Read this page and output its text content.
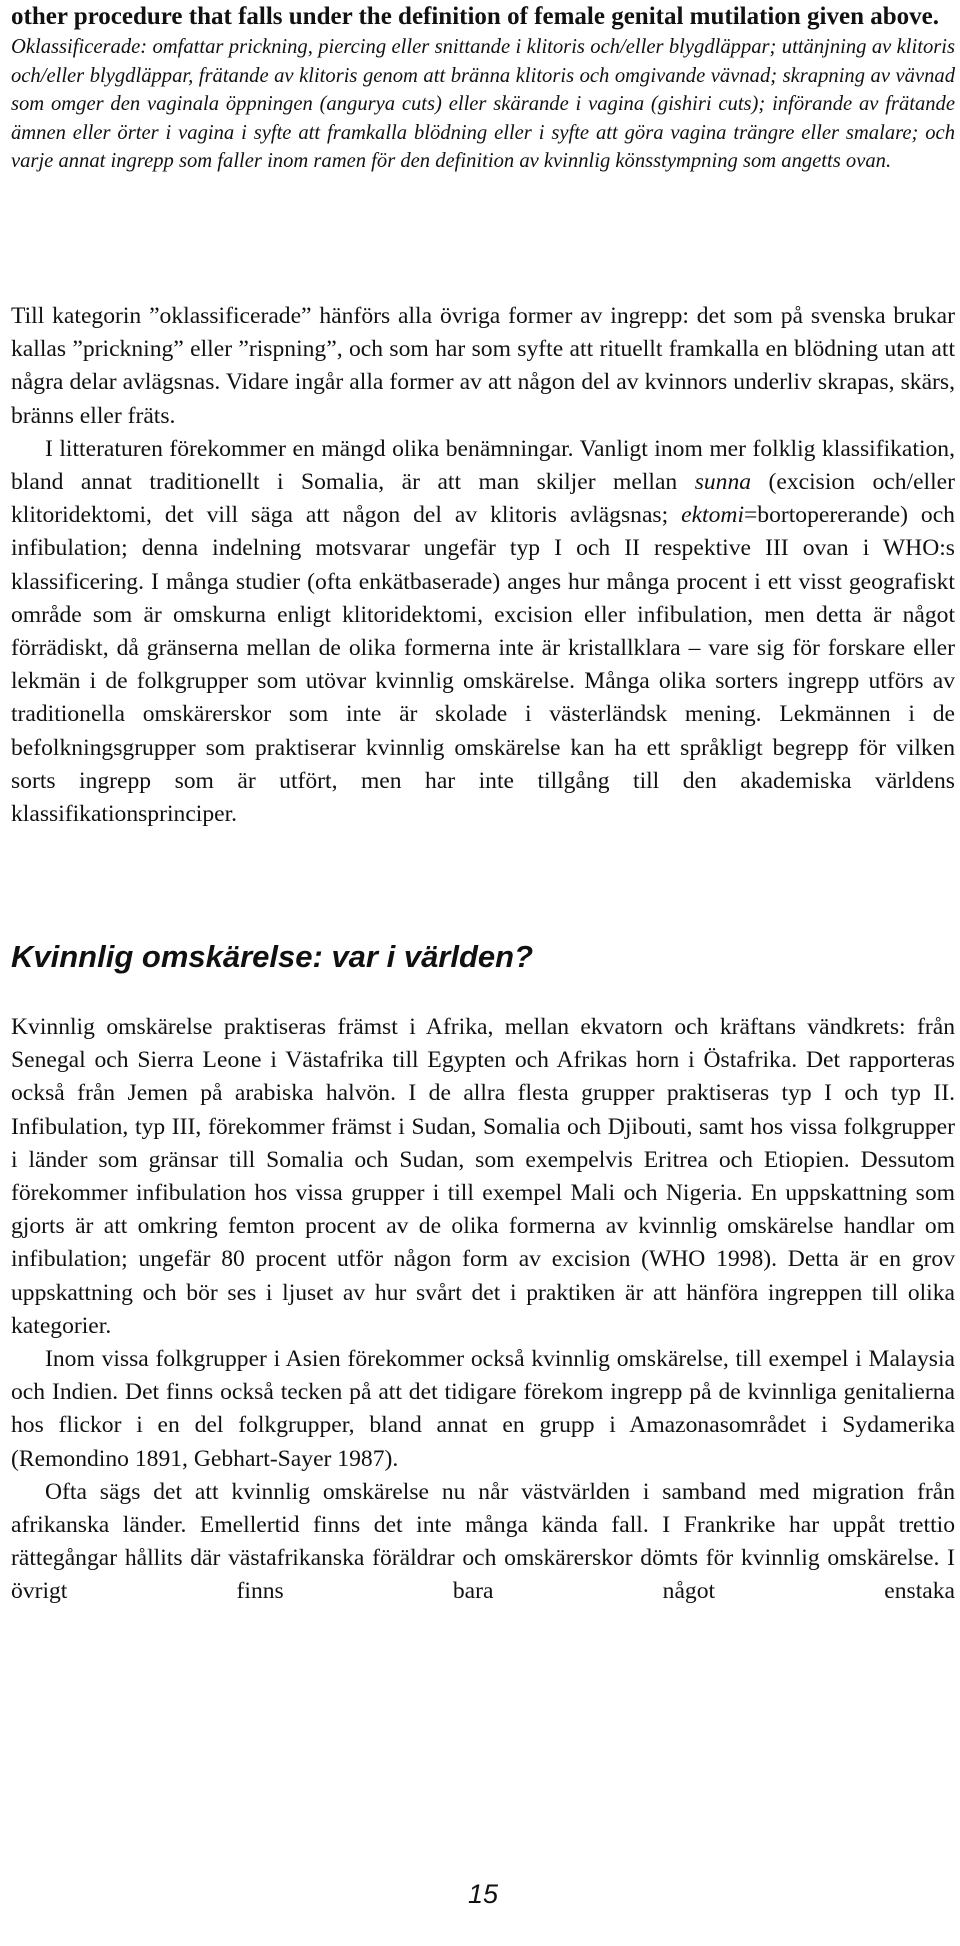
other procedure that falls under the definition of female genital mutilation given above.

Oklassificerade: omfattar prickning, piercing eller snittande i klitoris och/eller blygdläppar; uttänjning av klitoris och/eller blygdläppar, frätande av klitoris genom att bränna klitoris och omgivande vävnad; skrapning av vävnad som omger den vaginala öppningen (angurya cuts) eller skärande i vagina (gishiri cuts); införande av frätande ämnen eller örter i vagina i syfte att framkalla blödning eller i syfte att göra vagina trängre eller smalare; och varje annat ingrepp som faller inom ramen för den definition av kvinnlig könsstympning som angetts ovan.

Till kategorin ”oklassificerade” hänförs alla övriga former av ingrepp: det som på svenska brukar kallas ”prickning” eller ”rispning”, och som har som syfte att rituellt framkalla en blödning utan att några delar avlägsnas. Vidare ingår alla former av att någon del av kvinnors underliv skrapas, skärs, bränns eller fräts.

I litteraturen förekommer en mängd olika benämningar. Vanligt inom mer folklig klassifikation, bland annat traditionellt i Somalia, är att man skiljer mellan sunna (excision och/eller klitoridektomi, det vill säga att någon del av klitoris avlägsnas; ektomi=bortopererande) och infibulation; denna indelning motsvarar ungefär typ I och II respektive III ovan i WHO:s klassificering. I många studier (ofta enkätbaserade) anges hur många procent i ett visst geografiskt område som är omskurna enligt klitoridektomi, excision eller infibulation, men detta är något förrädiskt, då gränserna mellan de olika formerna inte är kristallklara – vare sig för forskare eller lekmän i de folkgrupper som utövar kvinnlig omskärelse. Många olika sorters ingrepp utförs av traditionella omskärerskor som inte är skolade i västerländsk mening. Lekmännen i de befolkningsgrupper som praktiserar kvinnlig omskärelse kan ha ett språkligt begrepp för vilken sorts ingrepp som är utfört, men har inte tillgång till den akademiska världens klassifikationsprinciper.

Kvinnlig omskärelse: var i världen?

Kvinnlig omskärelse praktiseras främst i Afrika, mellan ekvatorn och kräftans vändkrets: från Senegal och Sierra Leone i Västafrika till Egypten och Afrikas horn i Östafrika. Det rapporteras också från Jemen på arabiska halvön. I de allra flesta grupper praktiseras typ I och typ II. Infibulation, typ III, förekommer främst i Sudan, Somalia och Djibouti, samt hos vissa folkgrupper i länder som gränsar till Somalia och Sudan, som exempelvis Eritrea och Etiopien. Dessutom förekommer infibulation hos vissa grupper i till exempel Mali och Nigeria. En uppskattning som gjorts är att omkring femton procent av de olika formerna av kvinnlig omskärelse handlar om infibulation; ungefär 80 procent utför någon form av excision (WHO 1998). Detta är en grov uppskattning och bör ses i ljuset av hur svårt det i praktiken är att hänföra ingreppen till olika kategorier.

Inom vissa folkgrupper i Asien förekommer också kvinnlig omskärelse, till exempel i Malaysia och Indien. Det finns också tecken på att det tidigare förekom ingrepp på de kvinnliga genitalierna hos flickor i en del folkgrupper, bland annat en grupp i Amazonasområdet i Sydamerika (Remondino 1891, Gebhart-Sayer 1987).

Ofta sägs det att kvinnlig omskärelse nu når västvärlden i samband med migration från afrikanska länder. Emellertid finns det inte många kända fall. I Frankrike har uppåt trettio rättegångar hållits där västafrikanska föräldrar och omskärerskor dömts för kvinnlig omskärelse. I övrigt finns bara något enstaka

15
